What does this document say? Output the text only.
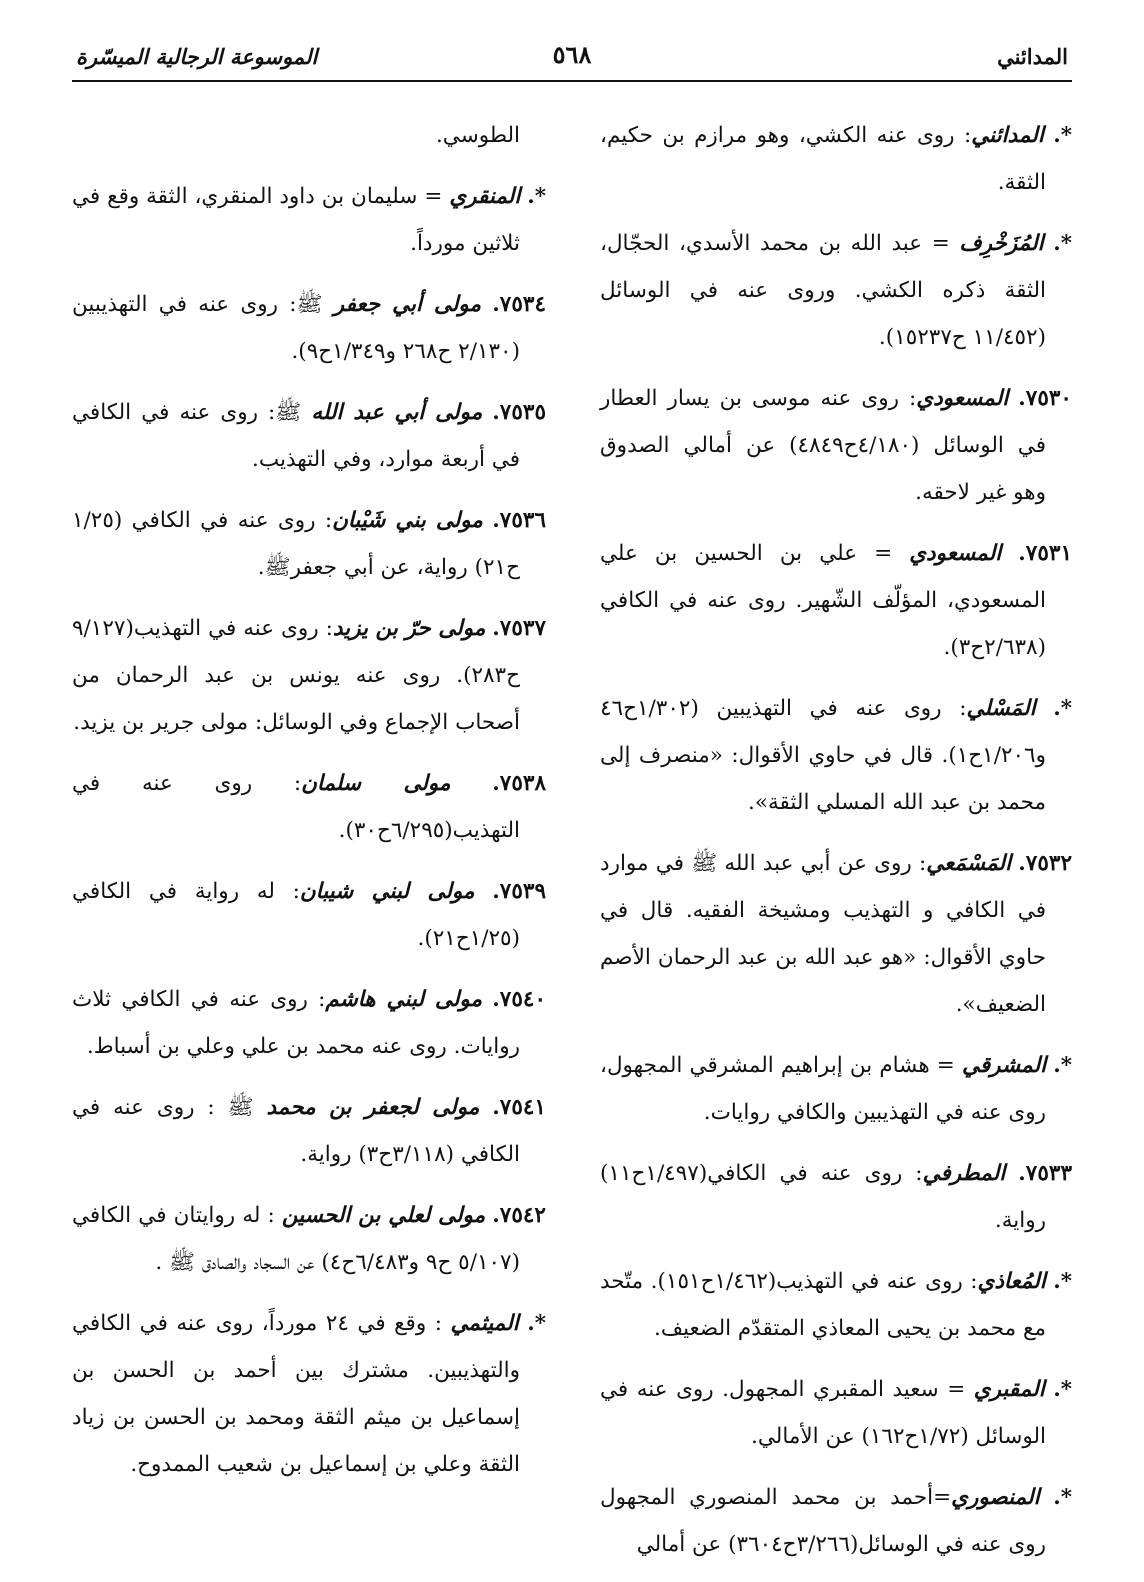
المدائني
٥٦٨
الموسوعة الرجالية الميسّرة

*. المدائني: روى عنه الكشي، وهو مرازم بن حكيم، الثقة.

*. المُزَخْرِف = عبد الله بن محمد الأسدي، الحجّال، الثقة ذكره الكشي. وروى عنه في الوسائل (١١/٤٥٢ ح١٥٢٣٧).

٧٥٣٠. المسعودي: روى عنه موسى بن يسار العطار في الوسائل (٤/١٨٠ح٤٨٤٩) عن أمالي الصدوق وهو غير لاحقه.

٧٥٣١. المسعودي = علي بن الحسين بن علي المسعودي، المؤلّف الشّهير. روى عنه في الكافي (٢/٦٣٨ح٣).

*. المَسْلي: روى عنه في التهذيبين (١/٣٠٢ح٤٦ و١/٢٠٦ح١). قال في حاوي الأقوال: «منصرف إلى محمد بن عبد الله المسلي الثقة».

٧٥٣٢. المَسْمَعي: روى عن أبي عبد الله ﷺ في موارد في الكافي و التهذيب ومشيخة الفقيه. قال في حاوي الأقوال: «هو عبد الله بن عبد الرحمان الأصم الضعيف».

*. المشرقي = هشام بن إبراهيم المشرقي المجهول، روى عنه في التهذيبين والكافي روايات.

٧٥٣٣. المطرفي: روى عنه في الكافي(١/٤٩٧ح١١) رواية.

*. المُعاذي: روى عنه في التهذيب(١/٤٦٢ح١٥١). متّحد مع محمد بن يحيى المعاذي المتقدّم الضعيف.

*. المقبري = سعيد المقبري المجهول. روى عنه في الوسائل (١/٧٢ح١٦٢) عن الأمالي.

*. المنصوري=أحمد بن محمد المنصوري المجهول روى عنه في الوسائل(٣/٢٦٦ح٣٦٠٤) عن أمالي

الطوسي.

*. المنقري = سليمان بن داود المنقري، الثقة وقع في ثلاثين مورداً.

٧٥٣٤. مولى أبي جعفر ﷺ: روى عنه في التهذيبين (٢/١٣٠ ح٢٦٨ و١/٣٤٩ح٩).

٧٥٣٥. مولى أبي عبد الله ﷺ: روى عنه في الكافي في أربعة موارد، وفي التهذيب.

٧٥٣٦. مولى بني شَيْبان: روى عنه في الكافي (١/٢٥ ح٢١) رواية، عن أبي جعفرﷺ.

٧٥٣٧. مولى حرّ بن يزيد: روى عنه في التهذيب(٩/١٢٧ ح٢٨٣). روى عنه يونس بن عبد الرحمان من أصحاب الإجماع وفي الوسائل: مولى جرير بن يزيد.

٧٥٣٨. مولى سلمان: روى عنه في التهذيب(٦/٢٩٥ح٣٠).

٧٥٣٩. مولى لبني شيبان: له رواية في الكافي (١/٢٥ح٢١).

٧٥٤٠. مولى لبني هاشم: روى عنه في الكافي ثلاث روايات. روى عنه محمد بن علي وعلي بن أسباط.

٧٥٤١. مولى لجعفر بن محمد ﷺ : روى عنه في الكافي (٣/١١٨ح٣) رواية.

٧٥٤٢. مولى لعلي بن الحسين : له روايتان في الكافي (٥/١٠٧ ح٩ و٦/٤٨٣ح٤) عن السجاد والصادق ﷺ .

*. الميثمي : وقع في ٢٤ مورداً، روى عنه في الكافي والتهذيبين. مشترك بين أحمد بن الحسن بن إسماعيل بن ميثم الثقة ومحمد بن الحسن بن زياد الثقة وعلي بن إسماعيل بن شعيب الممدوح.
